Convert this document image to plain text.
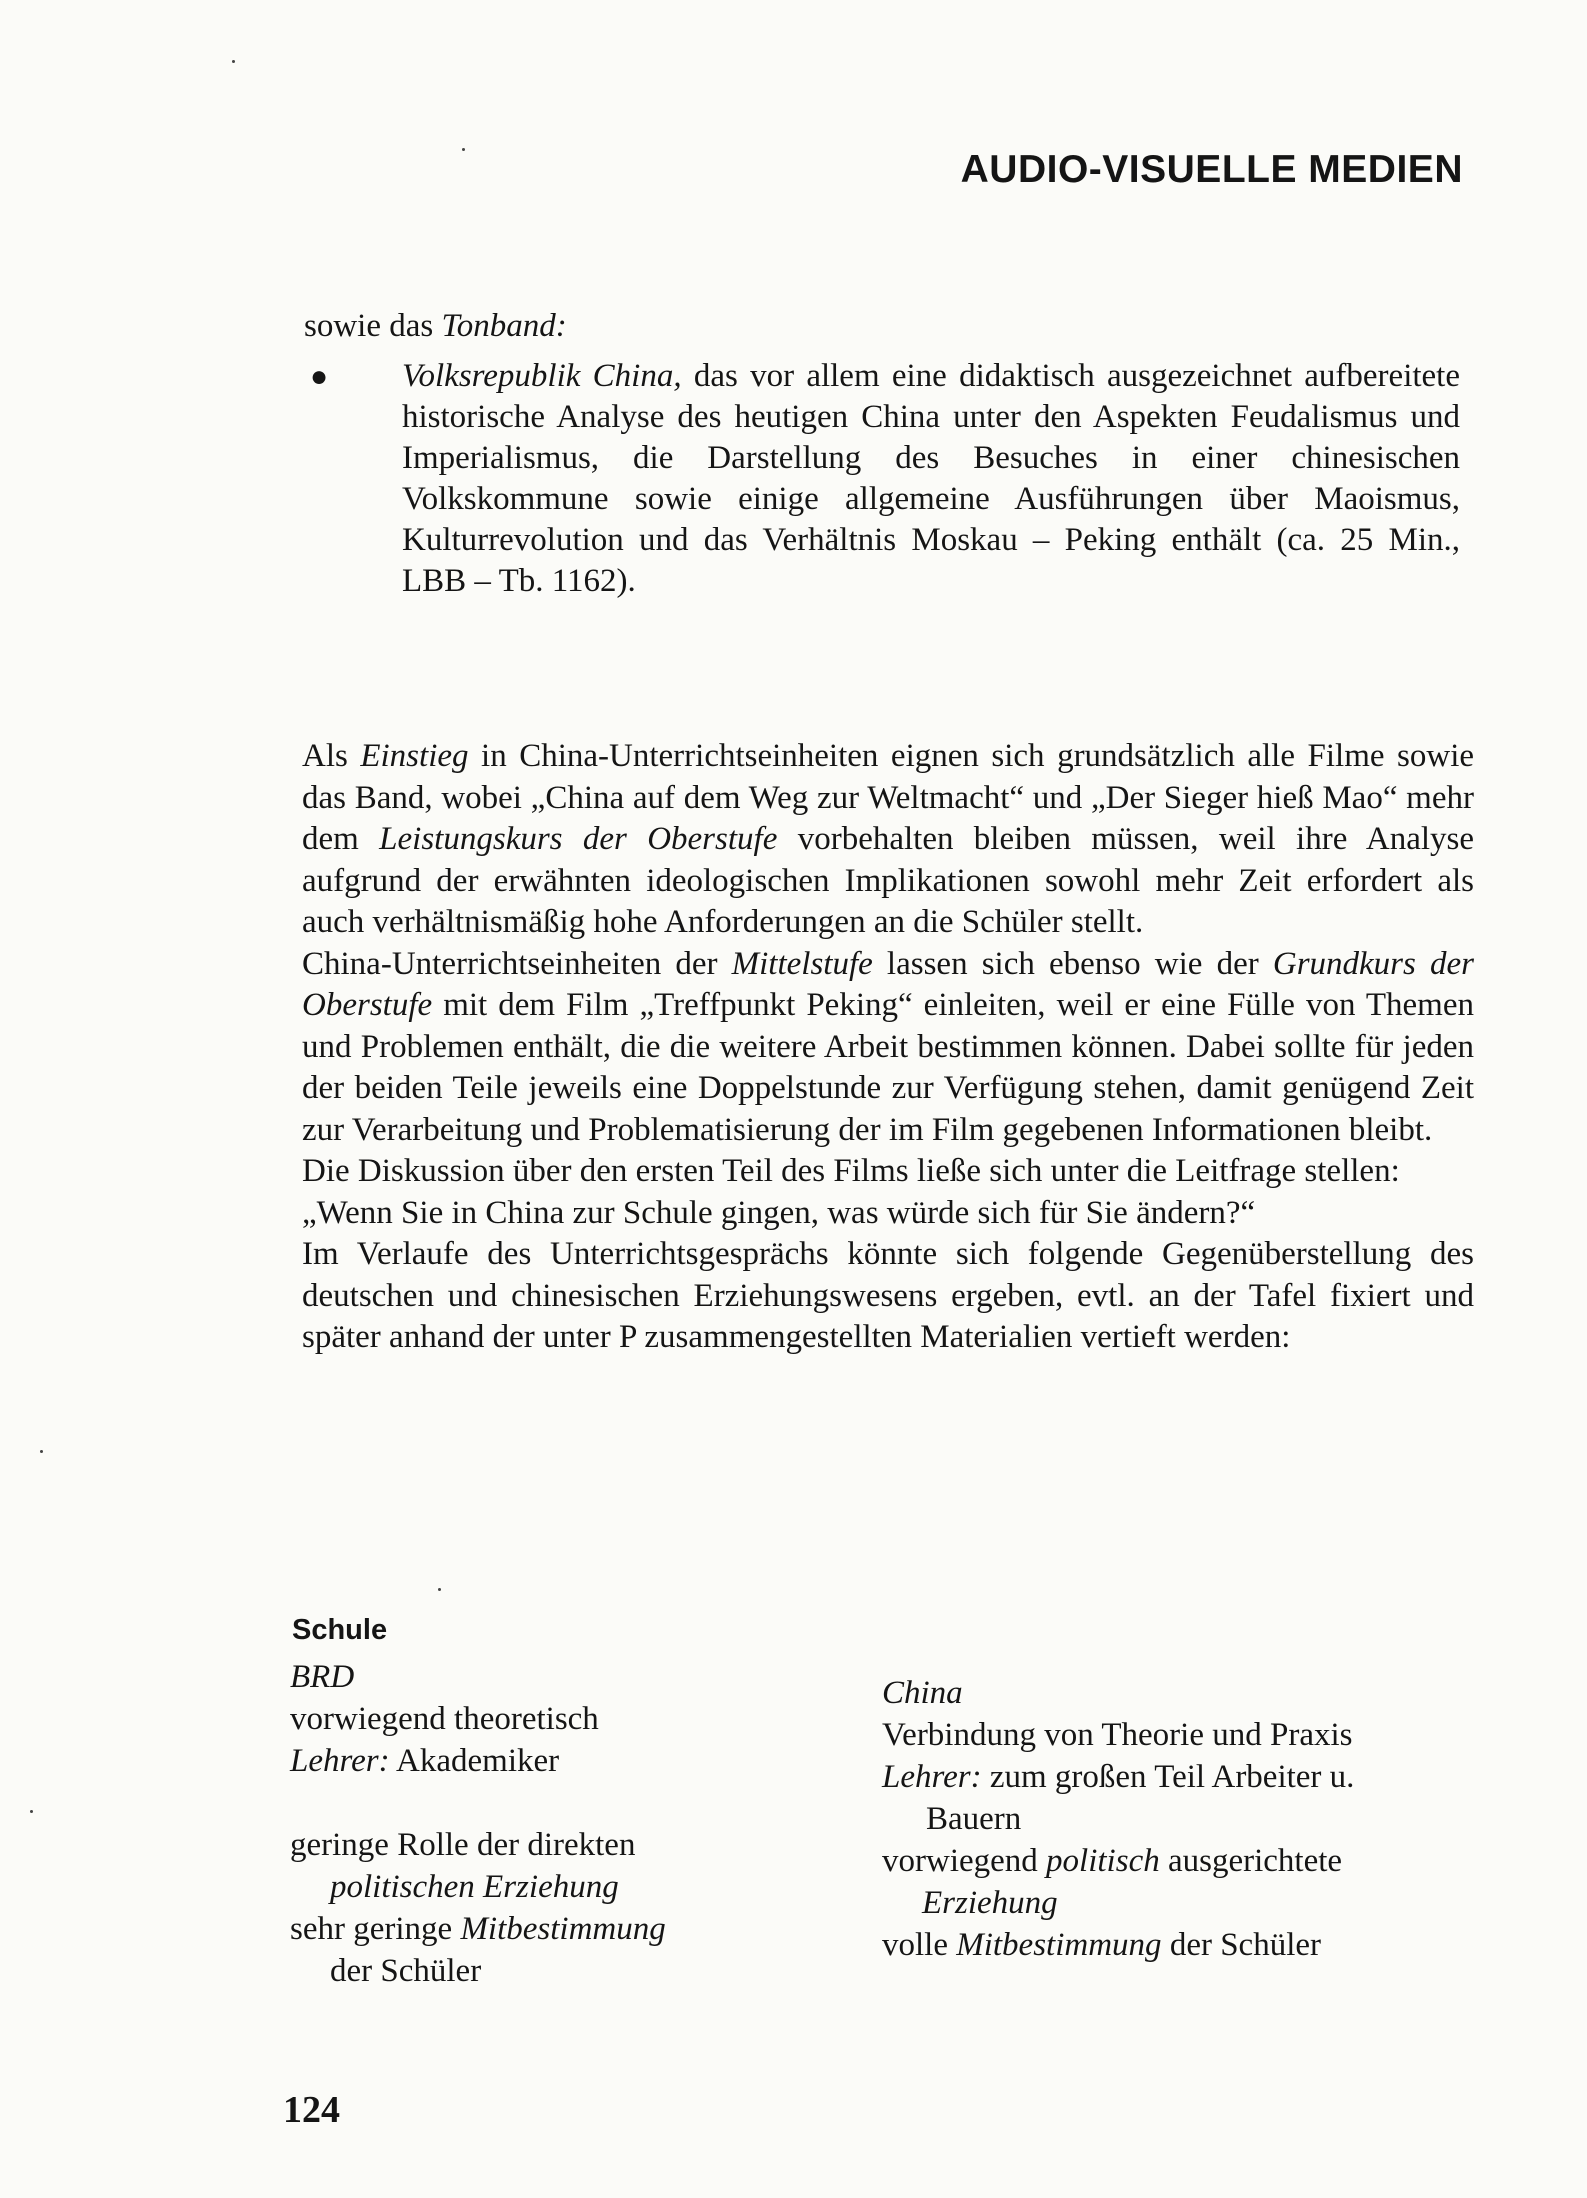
AUDIO-VISUELLE MEDIEN
sowie das Tonband:
● Volksrepublik China, das vor allem eine didaktisch ausgezeichnet aufbereitete historische Analyse des heutigen China unter den Aspekten Feudalismus und Imperialismus, die Darstellung des Besuches in einer chinesischen Volkskommune sowie einige allgemeine Ausführungen über Maoismus, Kulturrevolution und das Verhältnis Moskau – Peking enthält (ca. 25 Min., LBB – Tb. 1162).

Als Einstieg in China-Unterrichtseinheiten eignen sich grundsätzlich alle Filme sowie das Band, wobei „China auf dem Weg zur Weltmacht“ und „Der Sieger hieß Mao“ mehr dem Leistungskurs der Oberstufe vorbehalten bleiben müssen, weil ihre Analyse aufgrund der erwähnten ideologischen Implikationen sowohl mehr Zeit erfordert als auch verhältnismäßig hohe Anforderungen an die Schüler stellt.

China-Unterrichtseinheiten der Mittelstufe lassen sich ebenso wie der Grundkurs der Oberstufe mit dem Film „Treffpunkt Peking“ einleiten, weil er eine Fülle von Themen und Problemen enthält, die die weitere Arbeit bestimmen können. Dabei sollte für jeden der beiden Teile jeweils eine Doppelstunde zur Verfügung stehen, damit genügend Zeit zur Verarbeitung und Problematisierung der im Film gegebenen Informationen bleibt.

Die Diskussion über den ersten Teil des Films ließe sich unter die Leitfrage stellen:

„Wenn Sie in China zur Schule gingen, was würde sich für Sie ändern?“

Im Verlaufe des Unterrichtsgesprächs könnte sich folgende Gegenüberstellung des deutschen und chinesischen Erziehungswesens ergeben, evtl. an der Tafel fixiert und später anhand der unter P zusammengestellten Materialien vertieft werden:

Schule
BRD
vorwiegend theoretisch
Lehrer: Akademiker
geringe Rolle der direkten
politischen Erziehung
sehr geringe Mitbestimmung
der Schüler
China
Verbindung von Theorie und Praxis
Lehrer: zum großen Teil Arbeiter u.
Bauern
vorwiegend politisch ausgerichtete
Erziehung
volle Mitbestimmung der Schüler
124
